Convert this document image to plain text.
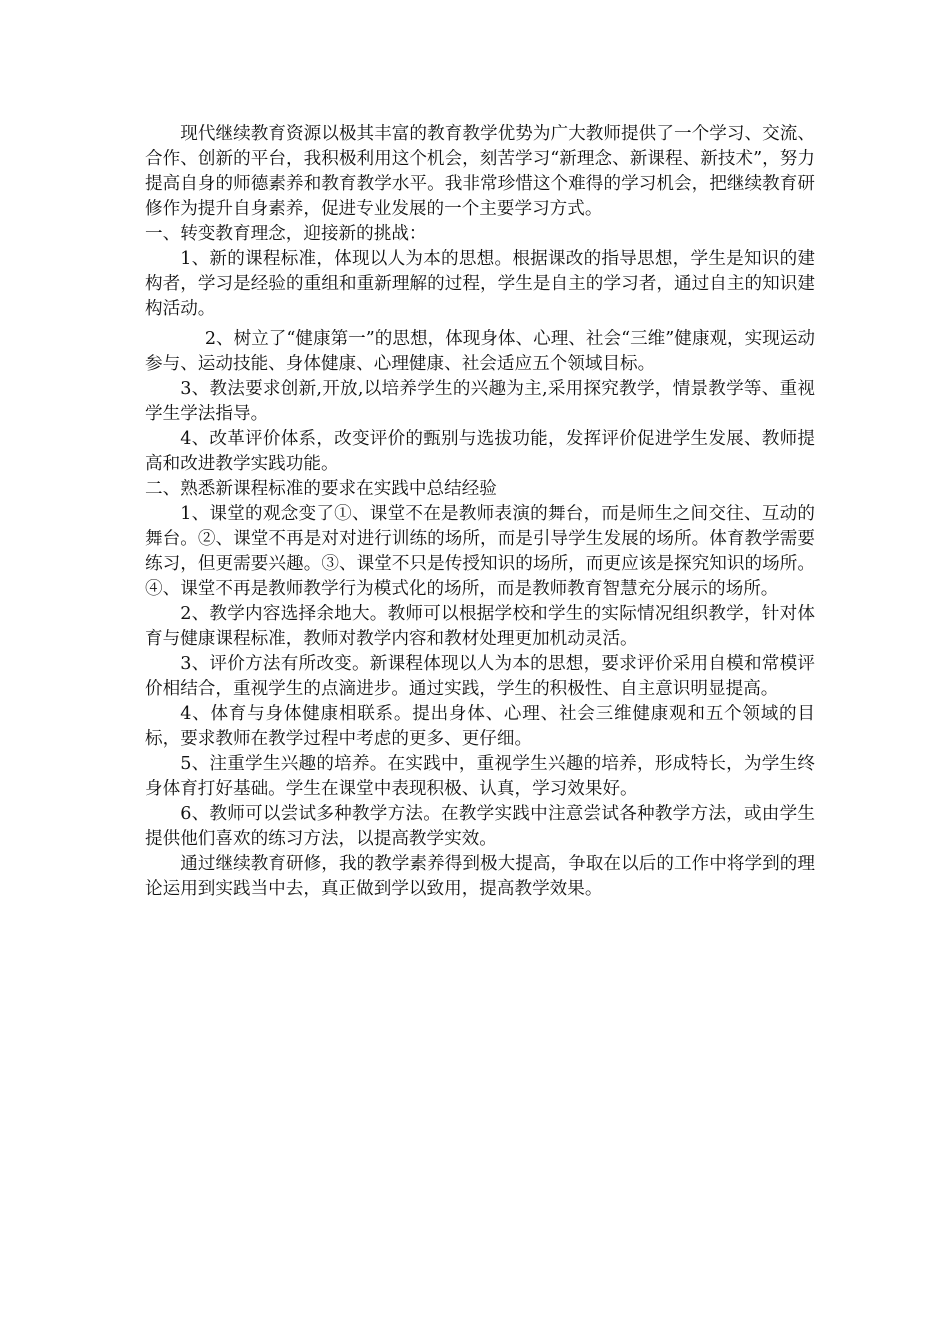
现代继续教育资源以极其丰富的教育教学优势为广大教师提供了一个学习、交流、合作、创新的平台，我积极利用这个机会，刻苦学习“新理念、新课程、新技术”，努力提高自身的师德素养和教育教学水平。我非常珍惜这个难得的学习机会，把继续教育研修作为提升自身素养，促进专业发展的一个主要学习方式。

一、转变教育理念，迎接新的挑战：

1、新的课程标准，体现以人为本的思想。根据课改的指导思想，学生是知识的建构者，学习是经验的重组和重新理解的过程，学生是自主的学习者，通过自主的知识建构活动。

2、树立了“健康第一”的思想，体现身体、心理、社会“三维”健康观，实现运动参与、运动技能、身体健康、心理健康、社会适应五个领域目标。

3、教法要求创新,开放,以培养学生的兴趣为主,采用探究教学，情景教学等、重视学生学法指导。

4、改革评价体系，改变评价的甄别与选拔功能，发挥评价促进学生发展、教师提高和改进教学实践功能。

二、熟悉新课程标准的要求在实践中总结经验

1、课堂的观念变了①、课堂不在是教师表演的舞台，而是师生之间交往、互动的舞台。②、课堂不再是对对进行训练的场所，而是引导学生发展的场所。体育教学需要练习，但更需要兴趣。③、课堂不只是传授知识的场所，而更应该是探究知识的场所。④、课堂不再是教师教学行为模式化的场所，而是教师教育智慧充分展示的场所。

2、教学内容选择余地大。教师可以根据学校和学生的实际情况组织教学，针对体育与健康课程标准，教师对教学内容和教材处理更加机动灵活。

3、评价方法有所改变。新课程体现以人为本的思想，要求评价采用自模和常模评价相结合，重视学生的点滴进步。通过实践，学生的积极性、自主意识明显提高。

4、体育与身体健康相联系。提出身体、心理、社会三维健康观和五个领域的目标，要求教师在教学过程中考虑的更多、更仔细。

5、注重学生兴趣的培养。在实践中，重视学生兴趣的培养，形成特长，为学生终身体育打好基础。学生在课堂中表现积极、认真，学习效果好。

6、教师可以尝试多种教学方法。在教学实践中注意尝试各种教学方法，或由学生提供他们喜欢的练习方法，以提高教学实效。

通过继续教育研修，我的教学素养得到极大提高，争取在以后的工作中将学到的理论运用到实践当中去，真正做到学以致用，提高教学效果。
